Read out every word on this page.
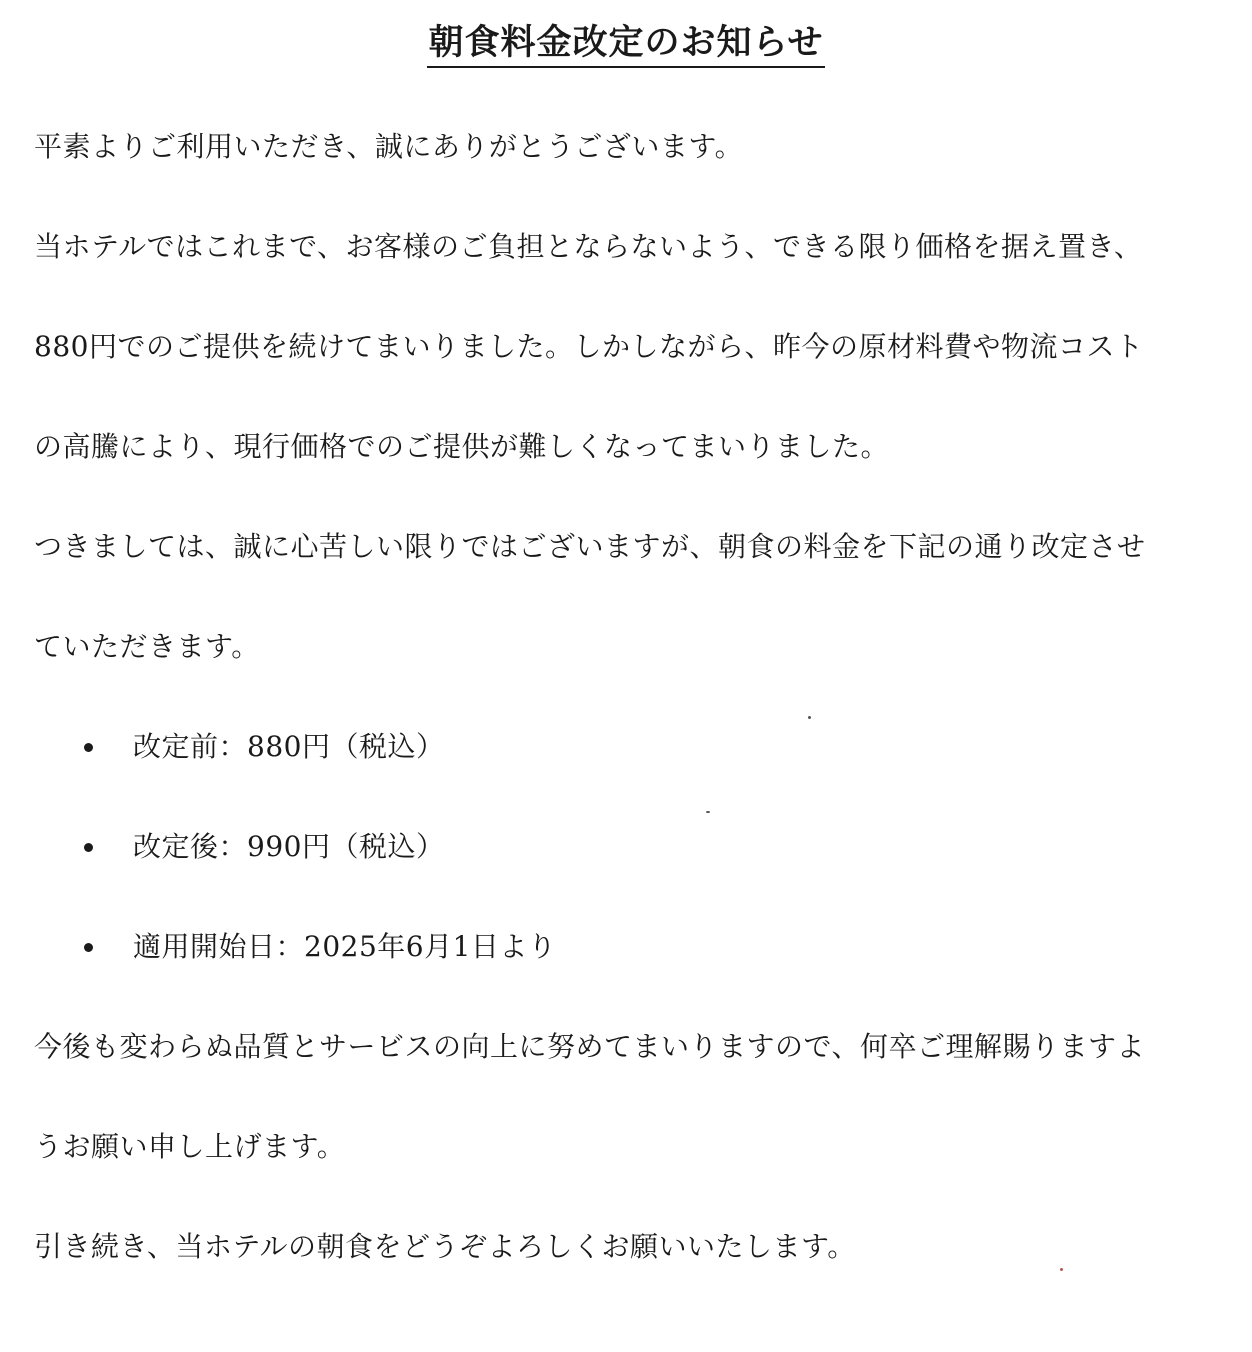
朝食料金改定のお知らせ
平素よりご利用いただき、誠にありがとうございます。
当ホテルではこれまで、お客様のご負担とならないよう、できる限り価格を据え置き、
880円でのご提供を続けてまいりました。しかしながら、昨今の原材料費や物流コスト
の高騰により、現行価格でのご提供が難しくなってまいりました。
つきましては、誠に心苦しい限りではございますが、朝食の料金を下記の通り改定させ
ていただきます。
改定前：880円（税込）
改定後：990円（税込）
適用開始日：2025年6月1日より
今後も変わらぬ品質とサービスの向上に努めてまいりますので、何卒ご理解賜りますよ
うお願い申し上げます。
引き続き、当ホテルの朝食をどうぞよろしくお願いいたします。
